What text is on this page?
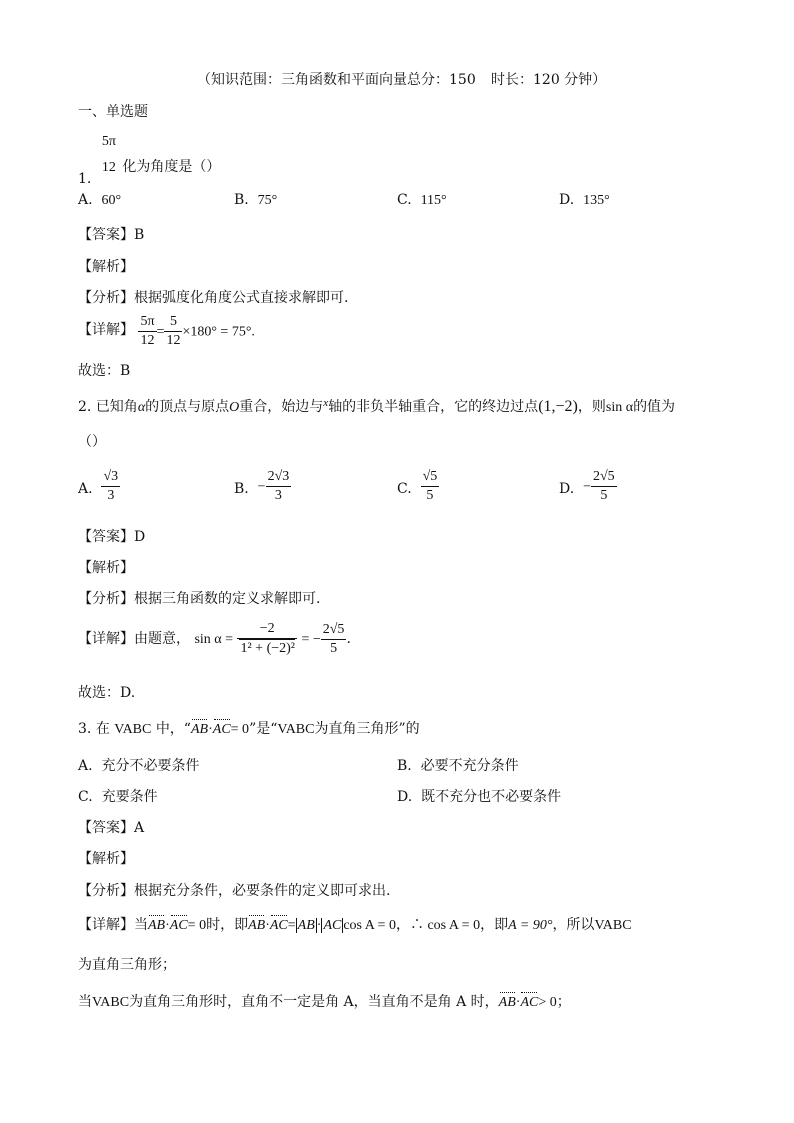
（知识范围：三角函数和平面向量总分：150 时长：120 分钟）
一、单选题
1.
5π
12 化为角度是（）
A. 60°	B. 75°	C. 115°	D. 135°
【答案】B
【解析】
【分析】根据弧度化角度公式直接求解即可.
【详解】 $\frac{5\pi}{12} = \frac{5}{12} \times 180^\circ = 75^\circ$.
故选：B
2. 已知角α的顶点与原点O重合，始边与$^x$轴的非负半轴重合，它的终边过点(1,−2)，则sin α的值为
（）
A. $\frac{√3}{3}$	B. − $\frac{2√3}{3}$	C. $\frac{√5}{5}$	D. − $\frac{2√5}{5}$
【答案】D
【解析】
【分析】根据三角函数的定义求解即可.
【详解】由题意， $\sin \alpha = \frac{-2}{\text{1² + (−2)²}}$ = − $\frac{2√5}{5}$ .
故选：D.
3. 在 VABC 中，“AB·AC= 0”是“VABC为直角三角形”的
A. 充分不必要条件	B. 必要不充分条件
C. 充要条件	D. 既不充分也不必要条件
【答案】A
【解析】
【分析】根据充分条件，必要条件的定义即可求出.
【详解】当AB·AC= 0时，即AB·AC= AB · AC cos A = 0，∴ cos A = 0，即A = 90°，所以VABC
为直角三角形；
当VABC为直角三角形时，直角不一定是角 A，当直角不是角 A 时，AB·AC> 0；
